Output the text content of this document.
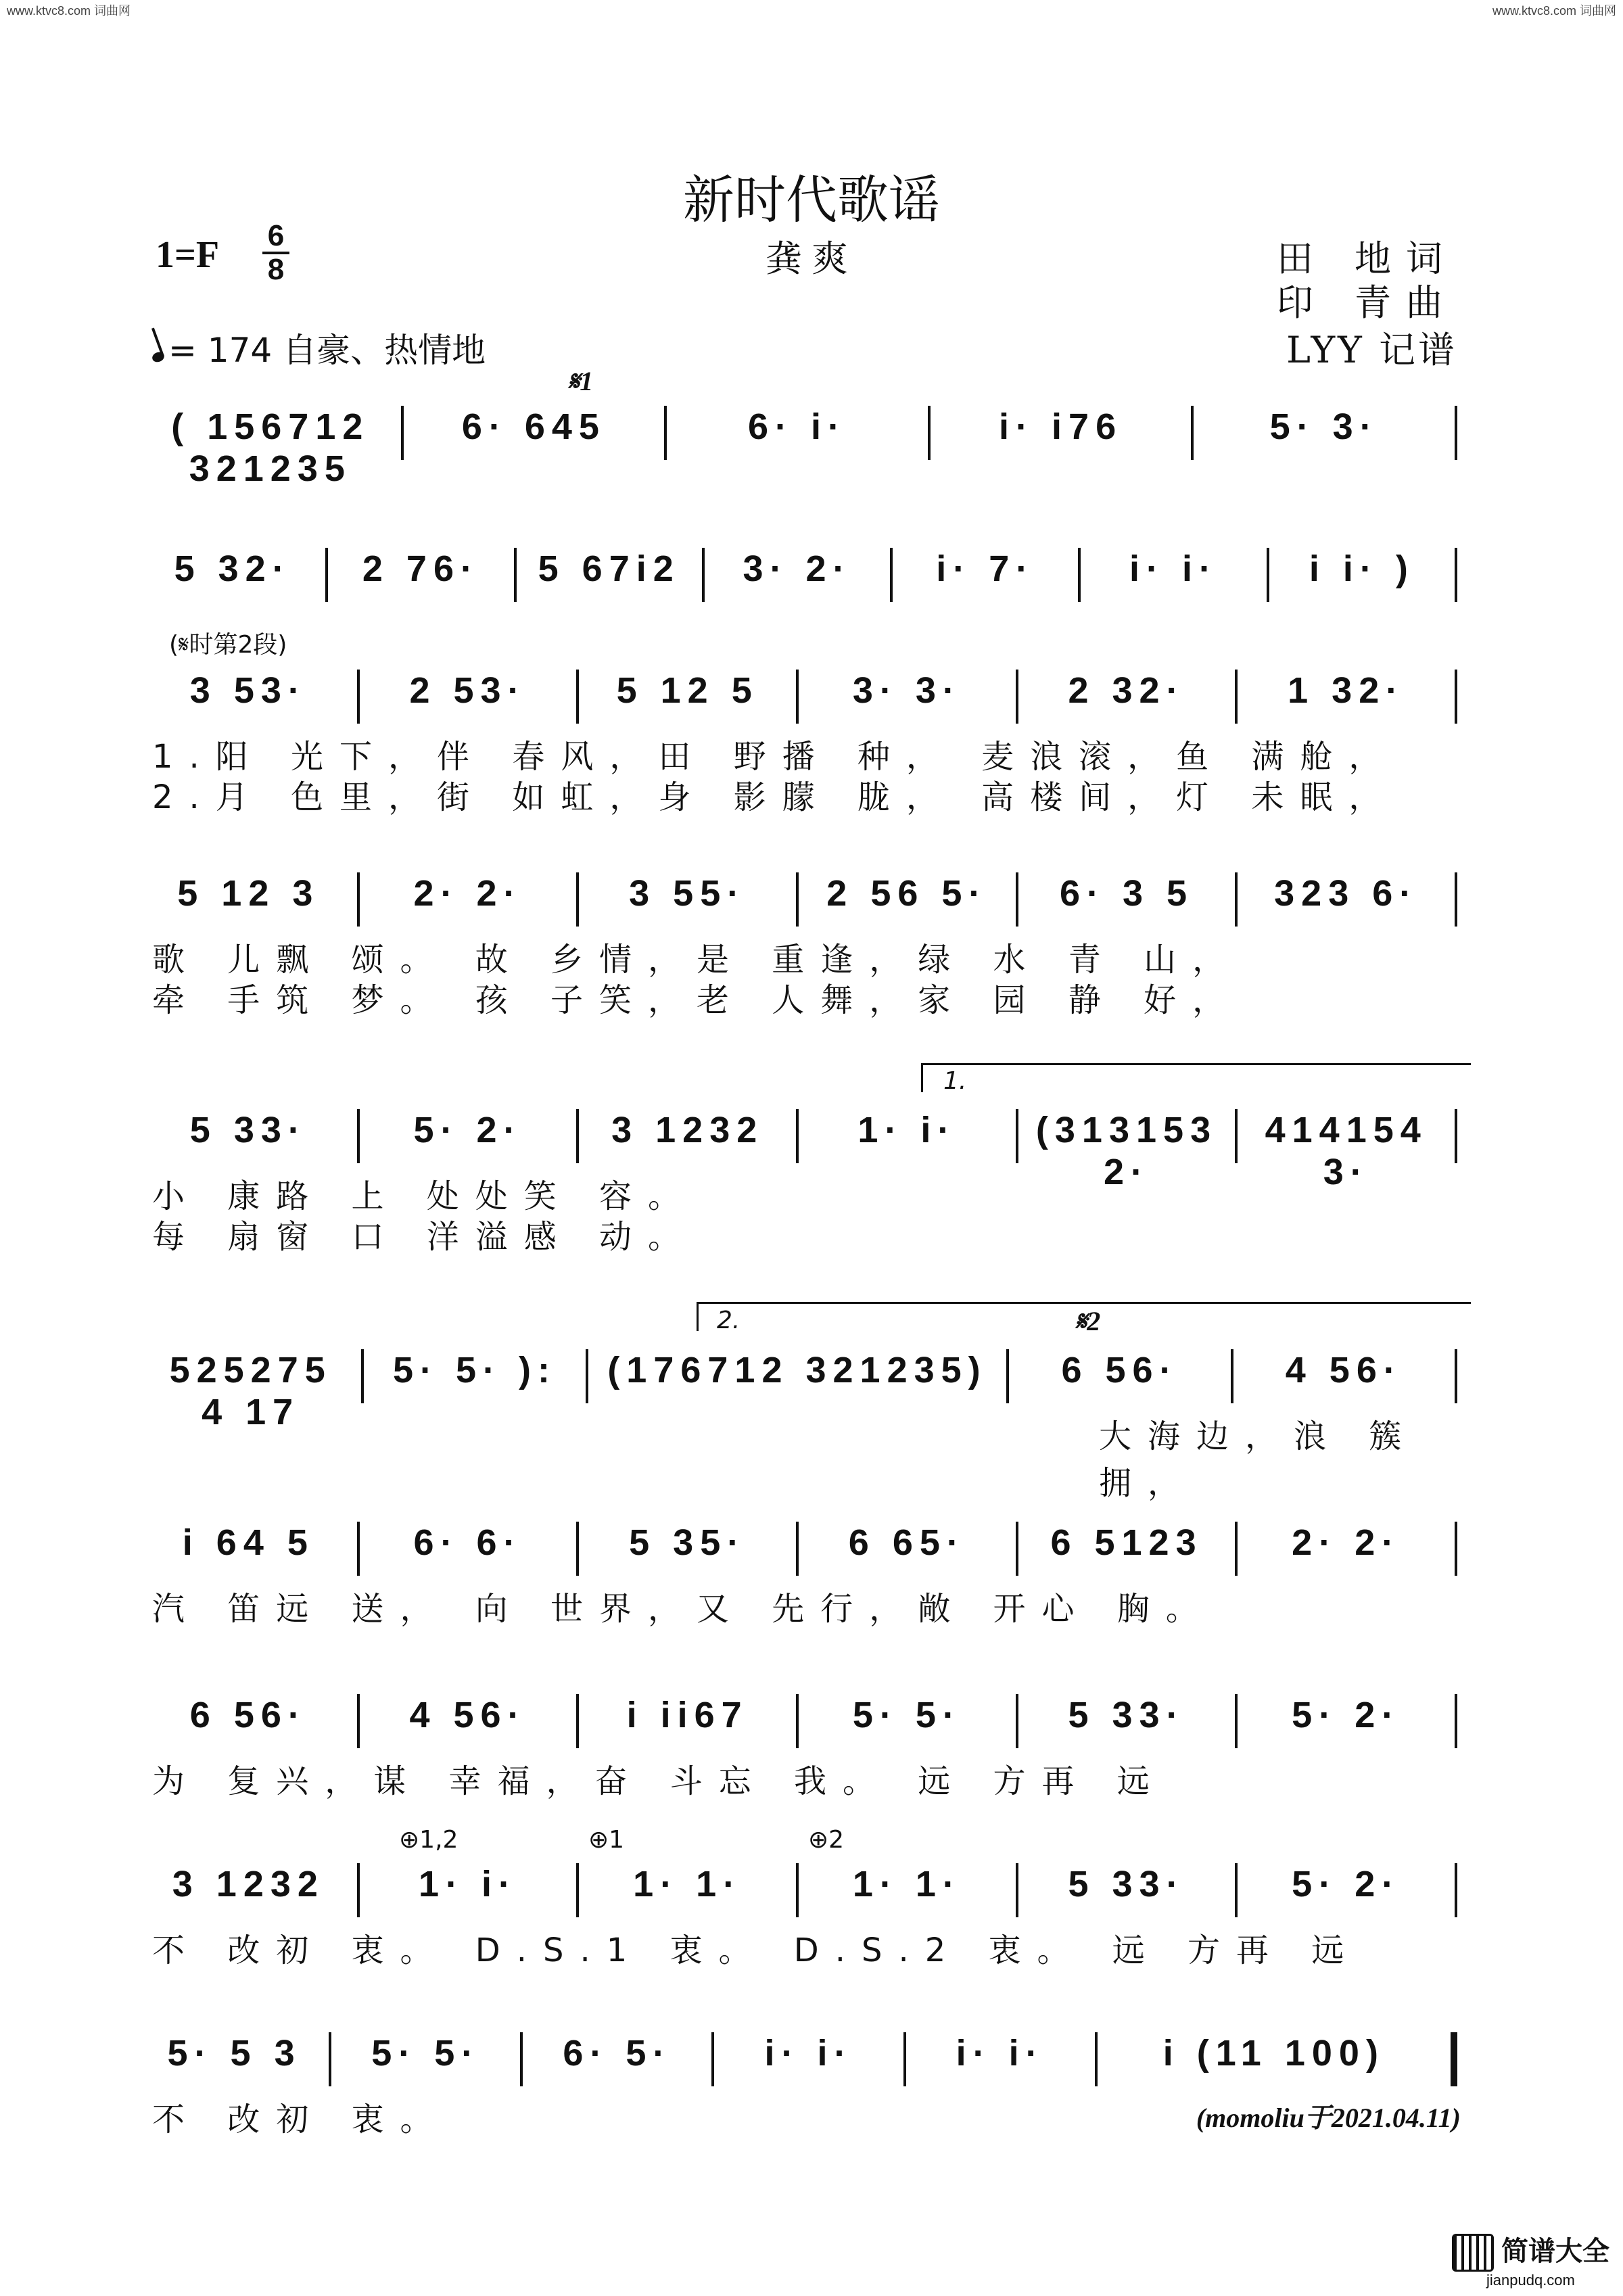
www.ktvc8.com 词曲网	www.ktvc8.com 词曲网
新时代歌谣
1=F 6
8	龚爽	田 地词
印 青曲
LYY 记谱
= 174 自豪、热情地
𝄋1
( 156712 321235
6· 645	6· i·	i· i76	5· 3·
5 32·	2 76·	5 67i2	3· 2·	i· 7·	i· i·	i i· )
(𝄋时第2段)
3 53·	2 53·	5 12 5	3· 3·	2 32·	1 32·
1.阳 光下，伴 春风，田 野播 种， 麦浪滚，鱼 满舱，
2.月 色里，街 如虹，身 影朦 胧， 高楼间，灯 未眠，
5 12 3	2· 2·	3 55·	2 56 5·	6· 3 5	323 6·
歌 儿飘 颂。 故 乡情，是 重逢，绿 水 青 山，
牵 手筑 梦。 孩 子笑，老 人舞，家 园 静 好，
1.
5 33·	5· 2·	3 1232	1· i·	(313153 2·
414154 3·
小 康路 上 处处笑 容。
每 扇窗 口 洋溢感 动。
2.	𝄋2
525275 4 17
5· 5· ):	(176712 321235)	6 56·	4 56·
大海边，浪 簇拥，
i 64 5	6· 6·	5 35·	6 65·	6 5123	2· 2·
汽 笛远 送， 向 世界，又 先行，敞 开心 胸。
6 56·	4 56·	i ii67	5· 5·	5 33·	5· 2·
为 复兴，谋 幸福，奋 斗忘 我。 远 方再 远
⊕1,2	⊕1	⊕2
3 1232	1· i·	1· 1·	1· 1·	5 33·	5· 2·
不 改初 衷。 D.S.1 衷。 D.S.2 衷。 远 方再 远
5· 5 3	5· 5·	6· 5·	i· i·	i· i·	i (11 100)
不 改初 衷。	(momoliu于2021.04.11)
简谱大全
jianpudq.com
